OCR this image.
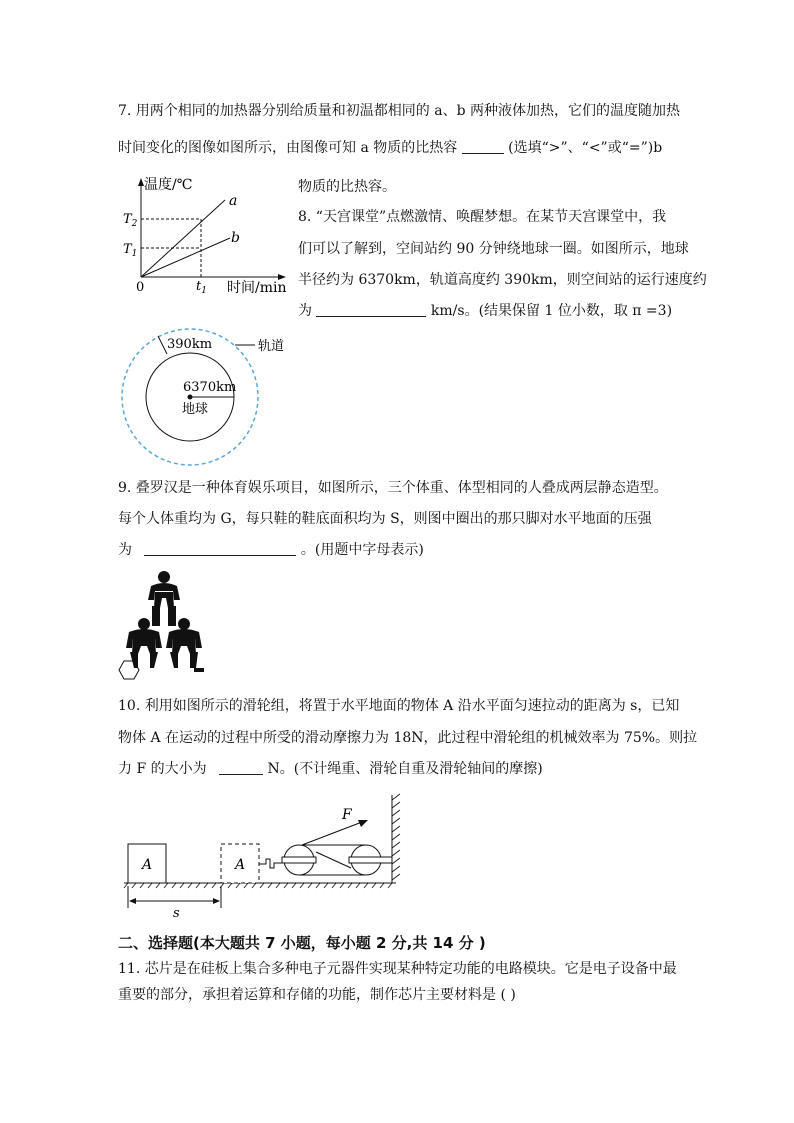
7. 用两个相同的加热器分别给质量和初温都相同的 a、b 两种液体加热，它们的温度随加热
时间变化的图像如图所示，由图像可知 a 物质的比热容	(选填“>”、“<”或“=”)b
温度/℃
时间/min
0	$t_1$
$T_2$
$T_1$
a
b
物质的比热容。
8. “天宫课堂”点燃激情、唤醒梦想。在某节天宫课堂中，我
们可以了解到，空间站约 90 分钟绕地球一圈。如图所示，地球
半径约为 6370km，轨道高度约 390km，则空间站的运行速度约
为	km/s。(结果保留 1 位小数，取 π =3)
390km
6370km
地球
轨道
9. 叠罗汉是一种体育娱乐项目，如图所示，三个体重、体型相同的人叠成两层静态造型。
每个人体重均为 G，每只鞋的鞋底面积均为 S，则图中圈出的那只脚对水平地面的压强
为	。(用题中字母表示)
10. 利用如图所示的滑轮组，将置于水平地面的物体 A 沿水平面匀速拉动的距离为 s，已知
物体 A 在运动的过程中所受的滑动摩擦力为 18N，此过程中滑轮组的机械效率为 75%。则拉
力 F 的大小为	N。(不计绳重、滑轮自重及滑轮轴间的摩擦)
A	A
F
s
二、选择题(本大题共 7 小题，每小题 2 分,共 14 分 )
11. 芯片是在硅板上集合多种电子元器件实现某种特定功能的电路模块。它是电子设备中最
重要的部分，承担着运算和存储的功能，制作芯片主要材料是 ( )
